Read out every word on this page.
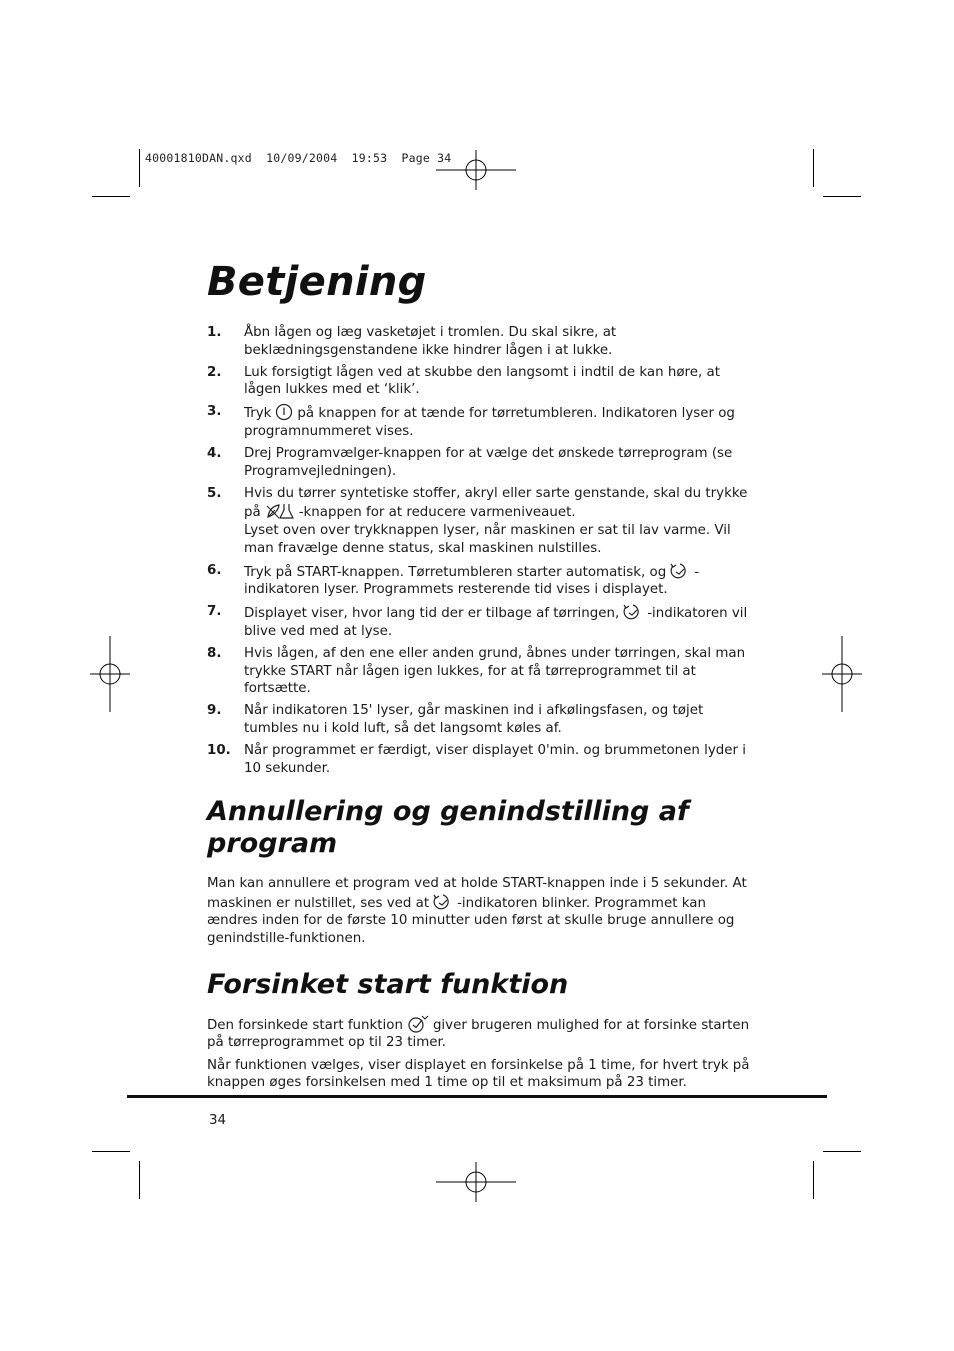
40001810DAN.qxd  10/09/2004  19:53  Page 34
Betjening
1.	Åbn lågen og læg vasketøjet i tromlen. Du skal sikre, at beklædningsgenstandene ikke hindrer lågen i at lukke.
2.	Luk forsigtigt lågen ved at skubbe den langsomt i indtil de kan høre, at lågen lukkes med et ‘klik’.
3.	Tryk på knappen for at tænde for tørretumbleren. Indikatoren lyser og programnummeret vises.
4.	Drej Programvælger-knappen for at vælge det ønskede tørreprogram (se Programvejledningen).
5.	Hvis du tørrer syntetiske stoffer, akryl eller sarte genstande, skal du trykke på	-knappen for at reducere varmeniveauet.
Lyset oven over trykknappen lyser, når maskinen er sat til lav varme. Vil man fravælge denne status, skal maskinen nulstilles.
6.	Tryk på START-knappen. Tørretumbleren starter automatisk, og -indikatoren lyser. Programmets resterende tid vises i displayet.
7.	Displayet viser, hvor lang tid der er tilbage af tørringen, -indikatoren vil blive ved med at lyse.
8.	Hvis lågen, af den ene eller anden grund, åbnes under tørringen, skal man trykke START når lågen igen lukkes, for at få tørreprogrammet til at fortsætte.
9.	Når indikatoren 15' lyser, går maskinen ind i afkølingsfasen, og tøjet tumbles nu i kold luft, så det langsomt køles af.
10. Når programmet er færdigt, viser displayet 0'min. og brummetonen lyder i 10 sekunder.
Annullering og genindstilling af program

Man kan annullere et program ved at holde START-knappen inde i 5 sekunder. At maskinen er nulstillet, ses ved at -indikatoren blinker. Programmet kan ændres inden for de første 10 minutter uden først at skulle bruge annullere og genindstille-funktionen.

Forsinket start funktion

Den forsinkede start funktion giver brugeren mulighed for at forsinke starten på tørreprogrammet op til 23 timer.

Når funktionen vælges, viser displayet en forsinkelse på 1 time, for hvert tryk på knappen øges forsinkelsen med 1 time op til et maksimum på 23 timer.

34
